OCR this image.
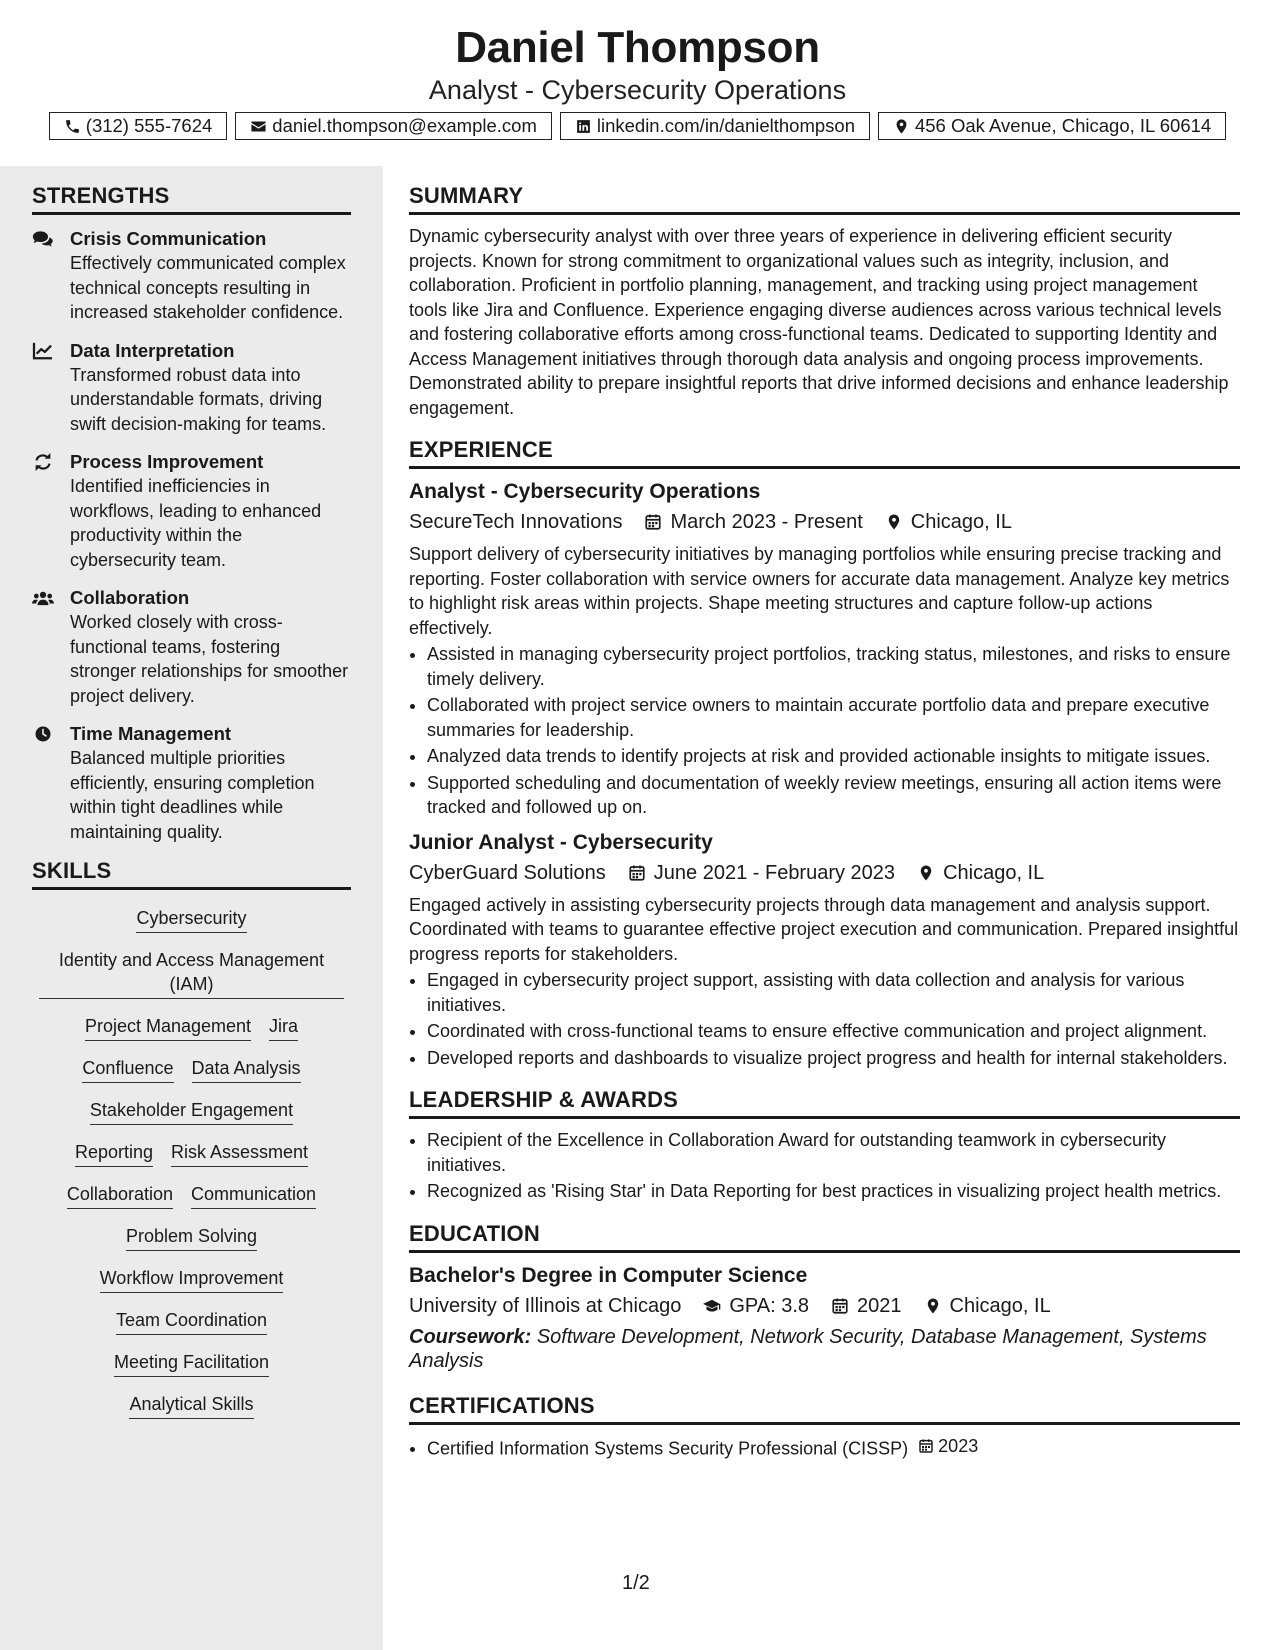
Daniel Thompson
Analyst - Cybersecurity Operations
(312) 555-7624	daniel.thompson@example.com	linkedin.com/in/danielthompson	456 Oak Avenue, Chicago, IL 60614
STRENGTHS
Crisis Communication
Effectively communicated complex technical concepts resulting in increased stakeholder confidence.
Data Interpretation
Transformed robust data into understandable formats, driving swift decision-making for teams.
Process Improvement
Identified inefficiencies in workflows, leading to enhanced productivity within the cybersecurity team.
Collaboration
Worked closely with cross-functional teams, fostering stronger relationships for smoother project delivery.
Time Management
Balanced multiple priorities efficiently, ensuring completion within tight deadlines while maintaining quality.
SKILLS
Cybersecurity
Identity and Access Management (IAM)
Project Management Jira
Confluence Data Analysis
Stakeholder Engagement
Reporting Risk Assessment
Collaboration Communication
Problem Solving
Workflow Improvement
Team Coordination
Meeting Facilitation
Analytical Skills
SUMMARY

Dynamic cybersecurity analyst with over three years of experience in delivering efficient security projects. Known for strong commitment to organizational values such as integrity, inclusion, and collaboration. Proficient in portfolio planning, management, and tracking using project management tools like Jira and Confluence. Experience engaging diverse audiences across various technical levels and fostering collaborative efforts among cross-functional teams. Dedicated to supporting Identity and Access Management initiatives through thorough data analysis and ongoing process improvements. Demonstrated ability to prepare insightful reports that drive informed decisions and enhance leadership engagement.

EXPERIENCE
Analyst - Cybersecurity Operations
SecureTech Innovations March 2023 - Present Chicago, IL

Support delivery of cybersecurity initiatives by managing portfolios while ensuring precise tracking and reporting. Foster collaboration with service owners for accurate data management. Analyze key metrics to highlight risk areas within projects. Shape meeting structures and capture follow-up actions effectively.

• Assisted in managing cybersecurity project portfolios, tracking status, milestones, and risks to ensure timely delivery.
• Collaborated with project service owners to maintain accurate portfolio data and prepare executive summaries for leadership.
• Analyzed data trends to identify projects at risk and provided actionable insights to mitigate issues.
• Supported scheduling and documentation of weekly review meetings, ensuring all action items were tracked and followed up on.
Junior Analyst - Cybersecurity
CyberGuard Solutions June 2021 - February 2023 Chicago, IL

Engaged actively in assisting cybersecurity projects through data management and analysis support. Coordinated with teams to guarantee effective project execution and communication. Prepared insightful progress reports for stakeholders.

• Engaged in cybersecurity project support, assisting with data collection and analysis for various initiatives.
• Coordinated with cross-functional teams to ensure effective communication and project alignment.
• Developed reports and dashboards to visualize project progress and health for internal stakeholders.
LEADERSHIP & AWARDS
• Recipient of the Excellence in Collaboration Award for outstanding teamwork in cybersecurity initiatives.
• Recognized as 'Rising Star' in Data Reporting for best practices in visualizing project health metrics.
EDUCATION
Bachelor's Degree in Computer Science
University of Illinois at Chicago GPA: 3.8 2021 Chicago, IL
Coursework: Software Development, Network Security, Database Management, Systems Analysis
CERTIFICATIONS
• Certified Information Systems Security Professional (CISSP) 2023
1/2
